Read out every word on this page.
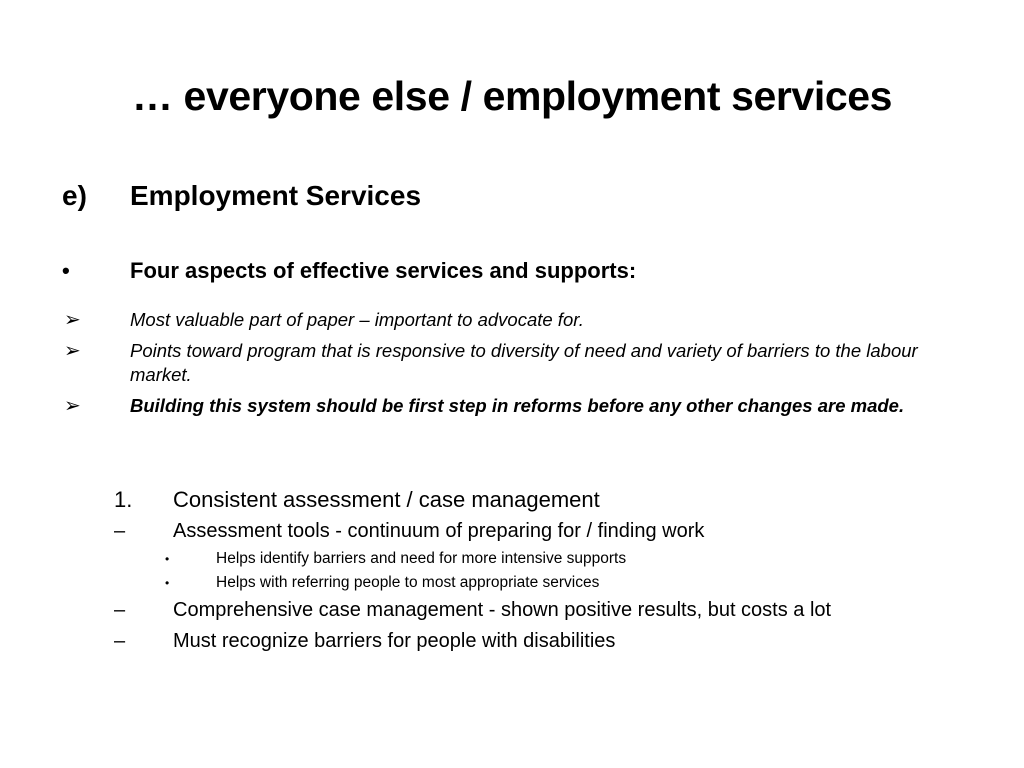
… everyone else / employment services
e) Employment Services
•	Four aspects of effective services and supports:
➢	Most valuable part of paper – important to advocate for.
➢	Points toward program that is responsive to diversity of need and variety of barriers to the labour market.
➢	Building this system should be first step in reforms before any other changes are made.
1. Consistent assessment / case management
– Assessment tools - continuum of preparing for / finding work
•	Helps identify barriers and need for more intensive supports
•	Helps with referring people to most appropriate services
– Comprehensive case management - shown positive results, but costs a lot
– Must recognize barriers for people with disabilities
